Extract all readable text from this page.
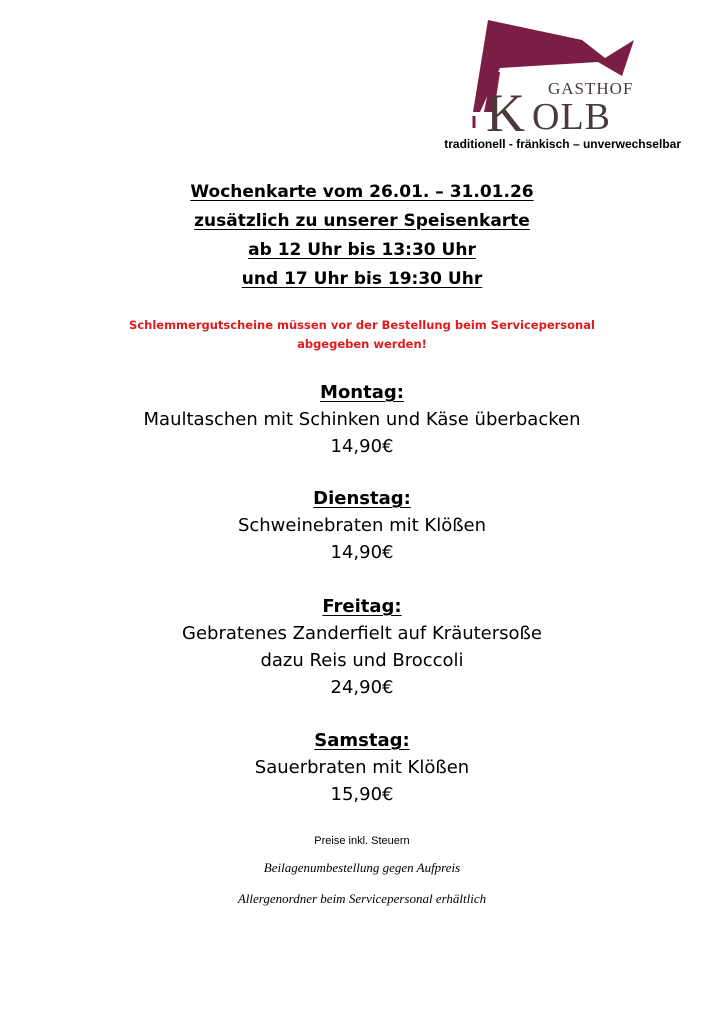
GASTHOF
K OLB
traditionell - fränkisch – unverwechselbar
Wochenkarte vom 26.01. – 31.01.26
zusätzlich zu unserer Speisenkarte
ab 12 Uhr bis 13:30 Uhr
und 17 Uhr bis 19:30 Uhr
Schlemmergutscheine müssen vor der Bestellung beim Servicepersonal
abgegeben werden!
Montag:
Maultaschen mit Schinken und Käse überbacken
14,90€
Dienstag:
Schweinebraten mit Klößen
14,90€
Freitag:
Gebratenes Zanderfielt auf Kräutersoße
dazu Reis und Broccoli
24,90€
Samstag:
Sauerbraten mit Klößen
15,90€
Preise inkl. Steuern
Beilagenumbestellung gegen Aufpreis
Allergenordner beim Servicepersonal erhältlich
